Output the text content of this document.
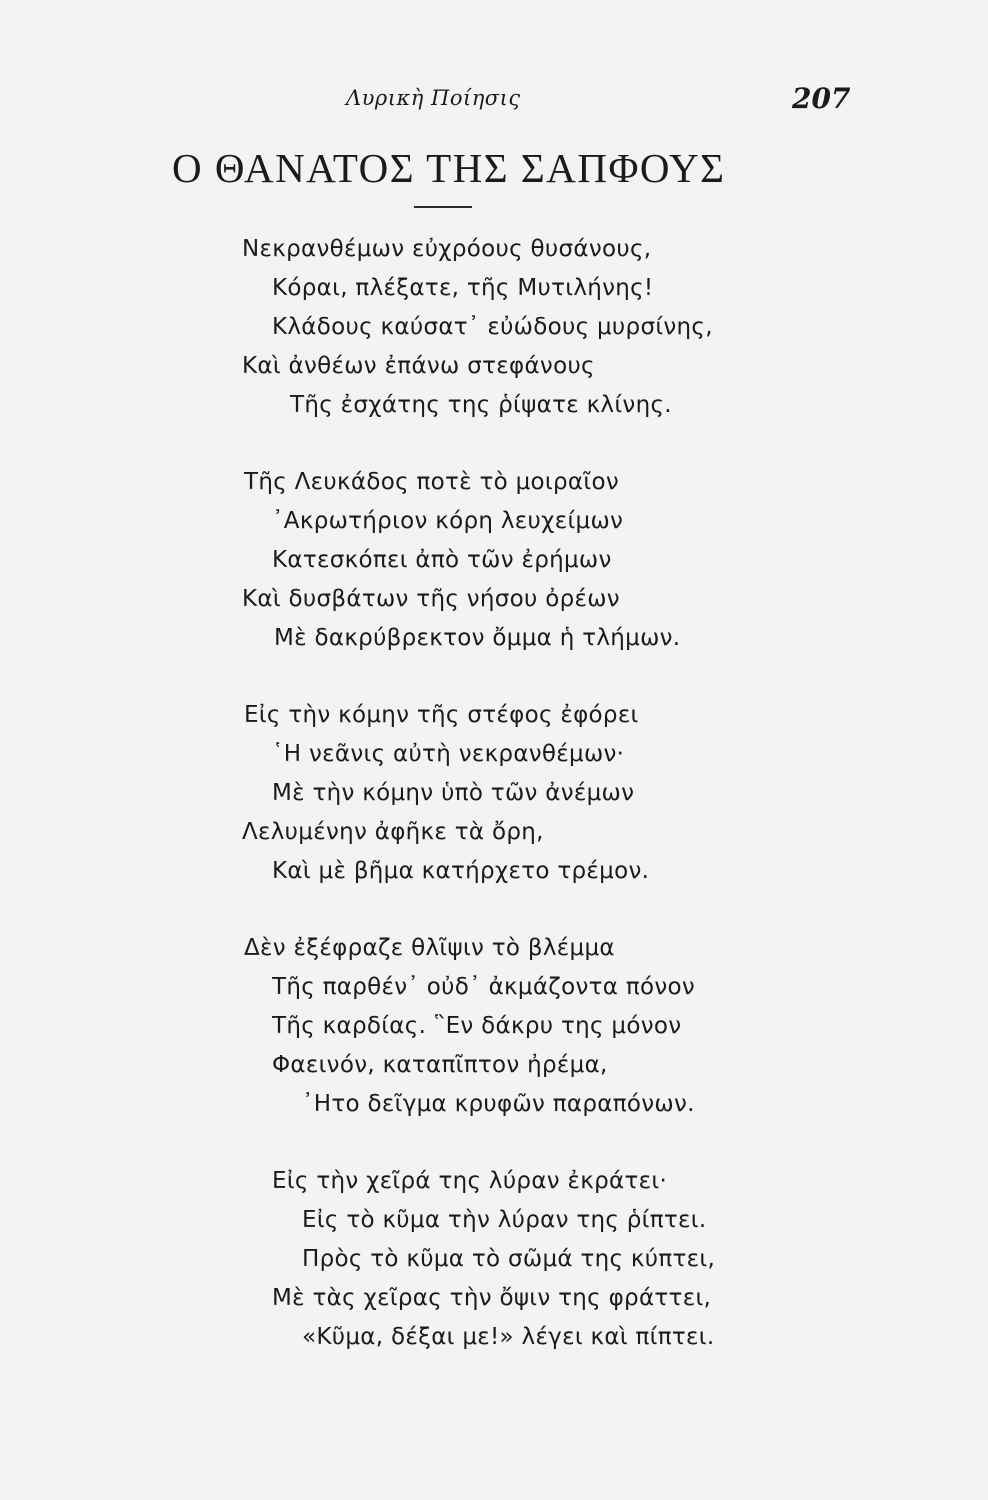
Λυρικὴ Ποίησις	207
Ο ΘΑΝΑΤΟΣ ΤΗΣ ΣΑΠΦΟΥΣ
Νεκρανθέμων εὐχρόους θυσάνους,
Κόραι, πλέξατε, τῆς Μυτιλήνης!
Κλάδους καύσατ᾽ εὐώδους μυρσίνης,
Καὶ ἀνθέων ἐπάνω στεφάνους
Τῆς ἐσχάτης της ῥίψατε κλίνης.
Τῆς Λευκάδος ποτὲ τὸ μοιραῖον
᾽Ακρωτήριον κόρη λευχείμων
Κατεσκόπει ἀπὸ τῶν ἐρήμων
Καὶ δυσβάτων τῆς νήσου ὀρέων
Μὲ δακρύβρεκτον ὄμμα ἡ τλήμων.
Εἰς τὴν κόμην τῆς στέφος ἐφόρει
῾Η νεᾶνις αὐτὴ νεκρανθέμων·
Μὲ τὴν κόμην ὑπὸ τῶν ἀνέμων
Λελυμένην ἀφῆκε τὰ ὄρη,
Καὶ μὲ βῆμα κατήρχετο τρέμον.
Δὲν ἐξέφραζε θλῖψιν τὸ βλέμμα
Τῆς παρθέν᾽ οὐδ᾽ ἀκμάζοντα πόνον
Τῆς καρδίας. ῝Εν δάκρυ της μόνον
Φαεινόν, καταπῖπτον ἠρέμα,
᾽Ητο δεῖγμα κρυφῶν παραπόνων.
Εἰς τὴν χεῖρά της λύραν ἐκράτει·
Εἰς τὸ κῦμα τὴν λύραν της ῥίπτει.
Πρὸς τὸ κῦμα τὸ σῶμά της κύπτει,
Μὲ τὰς χεῖρας τὴν ὄψιν της φράττει,
«Κῦμα, δέξαι με!» λέγει καὶ πίπτει.
